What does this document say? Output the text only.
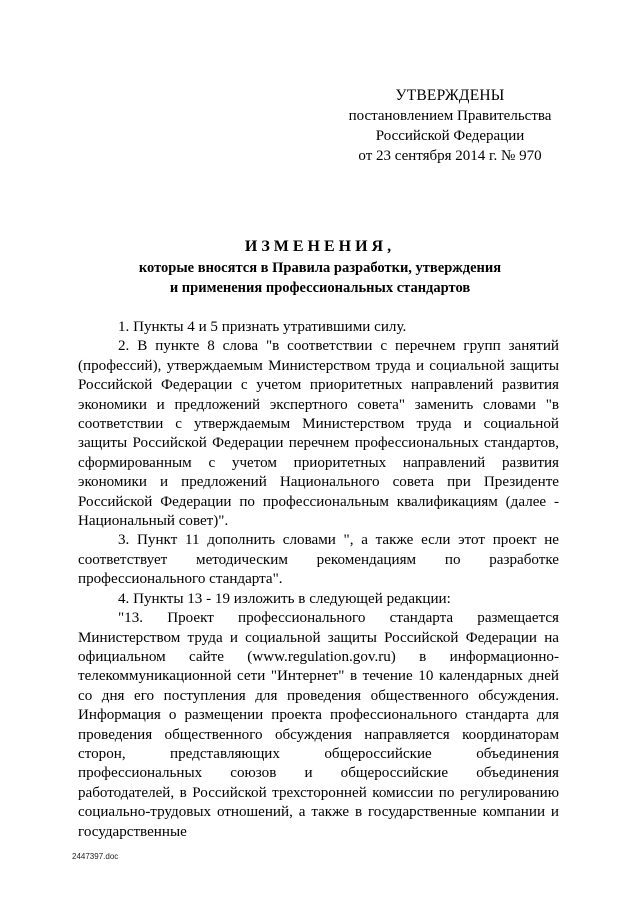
УТВЕРЖДЕНЫ
постановлением Правительства
Российской Федерации
от 23 сентября 2014 г. № 970
ИЗМЕНЕНИЯ,
которые вносятся в Правила разработки, утверждения
и применения профессиональных стандартов

1. Пункты 4 и 5 признать утратившими силу.

2. В пункте 8 слова "в соответствии с перечнем групп занятий (профессий), утверждаемым Министерством труда и социальной защиты Российской Федерации с учетом приоритетных направлений развития экономики и предложений экспертного совета" заменить словами "в соответствии с утверждаемым Министерством труда и социальной защиты Российской Федерации перечнем профессиональных стандартов, сформированным с учетом приоритетных направлений развития экономики и предложений Национального совета при Президенте Российской Федерации по профессиональным квалификациям (далее - Национальный совет)".

3. Пункт 11 дополнить словами ", а также если этот проект не соответствует методическим рекомендациям по разработке профессионального стандарта".

4. Пункты 13 - 19 изложить в следующей редакции:

"13. Проект профессионального стандарта размещается Министерством труда и социальной защиты Российской Федерации на официальном сайте (www.regulation.gov.ru) в информационно-телекоммуникационной сети "Интернет" в течение 10 календарных дней со дня его поступления для проведения общественного обсуждения. Информация о размещении проекта профессионального стандарта для проведения общественного обсуждения направляется координаторам сторон, представляющих общероссийские объединения профессиональных союзов и общероссийские объединения работодателей, в Российской трехсторонней комиссии по регулированию социально-трудовых отношений, а также в государственные компании и государственные

2447397.doc
